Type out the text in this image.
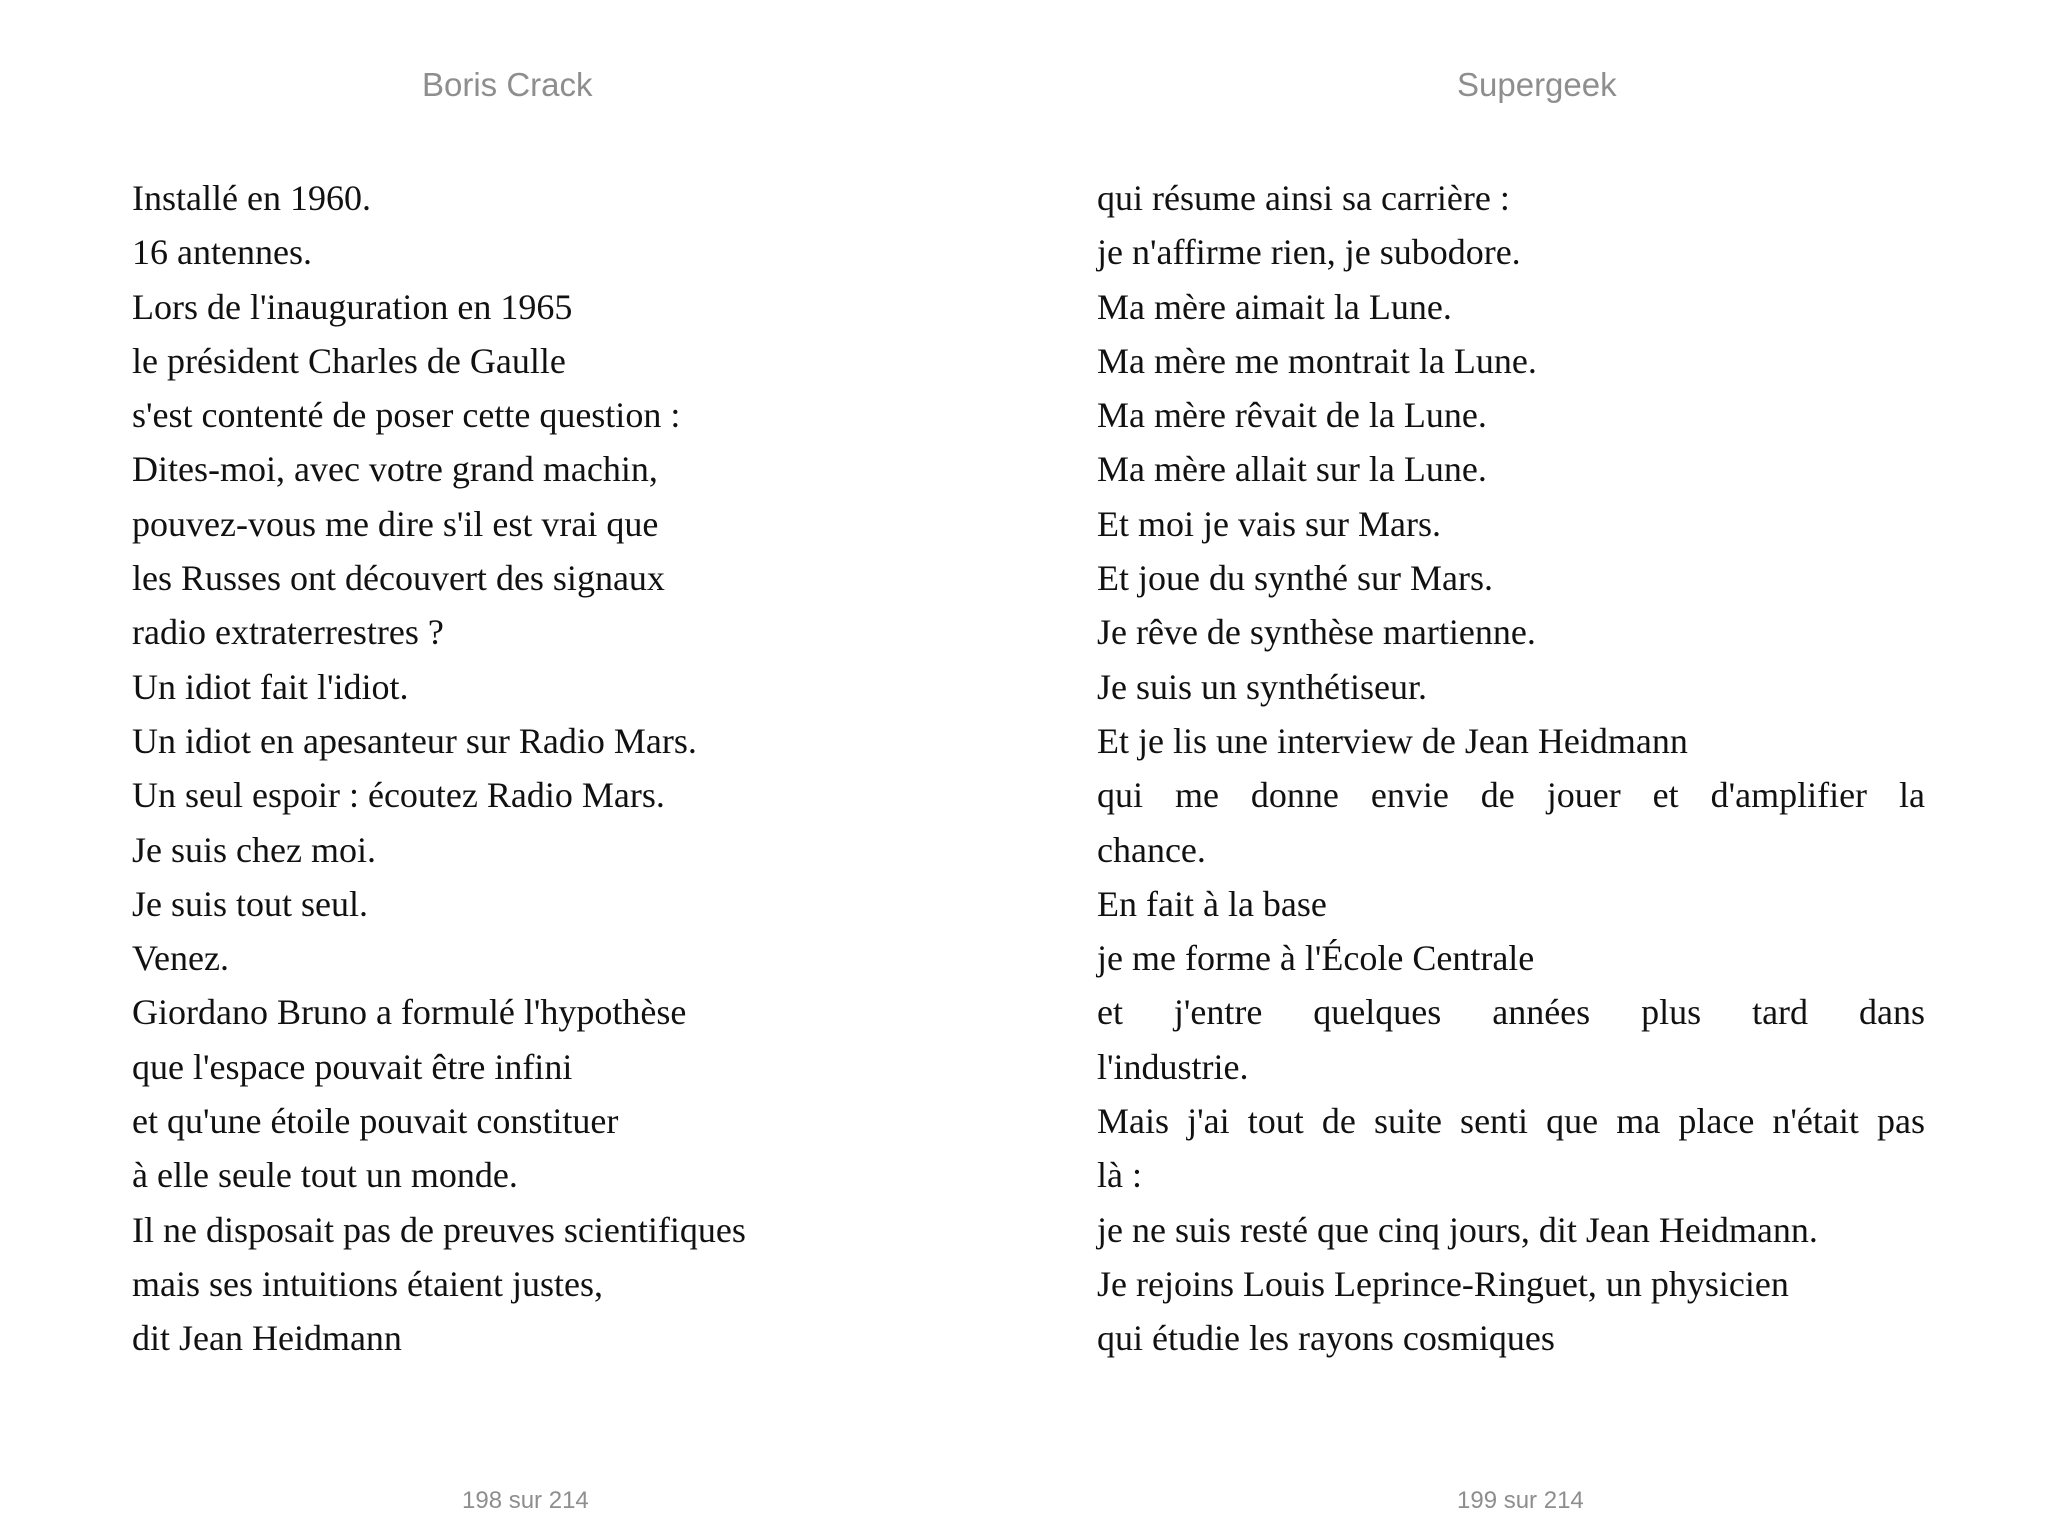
Boris Crack
Installé en 1960.
16 antennes.
Lors de l'inauguration en 1965
le président Charles de Gaulle
s'est contenté de poser cette question :
Dites-moi, avec votre grand machin,
pouvez-vous me dire s'il est vrai que
les Russes ont découvert des signaux
radio extraterrestres ?
Un idiot fait l'idiot.
Un idiot en apesanteur sur Radio Mars.
Un seul espoir : écoutez Radio Mars.
Je suis chez moi.
Je suis tout seul.
Venez.
Giordano Bruno a formulé l'hypothèse
que l'espace pouvait être infini
et qu'une étoile pouvait constituer
à elle seule tout un monde.
Il ne disposait pas de preuves scientifiques
mais ses intuitions étaient justes,
dit Jean Heidmann
198 sur 214
Supergeek
qui résume ainsi sa carrière :
je n'affirme rien, je subodore.
Ma mère aimait la Lune.
Ma mère me montrait la Lune.
Ma mère rêvait de la Lune.
Ma mère allait sur la Lune.
Et moi je vais sur Mars.
Et joue du synthé sur Mars.
Je rêve de synthèse martienne.
Je suis un synthétiseur.
Et je lis une interview de Jean Heidmann
qui me donne envie de jouer et d'amplifier la
chance.
En fait à la base
je me forme à l'École Centrale
et j'entre quelques années plus tard dans
l'industrie.
Mais j'ai tout de suite senti que ma place n'était pas
là :
je ne suis resté que cinq jours, dit Jean Heidmann.
Je rejoins Louis Leprince-Ringuet, un physicien
qui étudie les rayons cosmiques
199 sur 214
